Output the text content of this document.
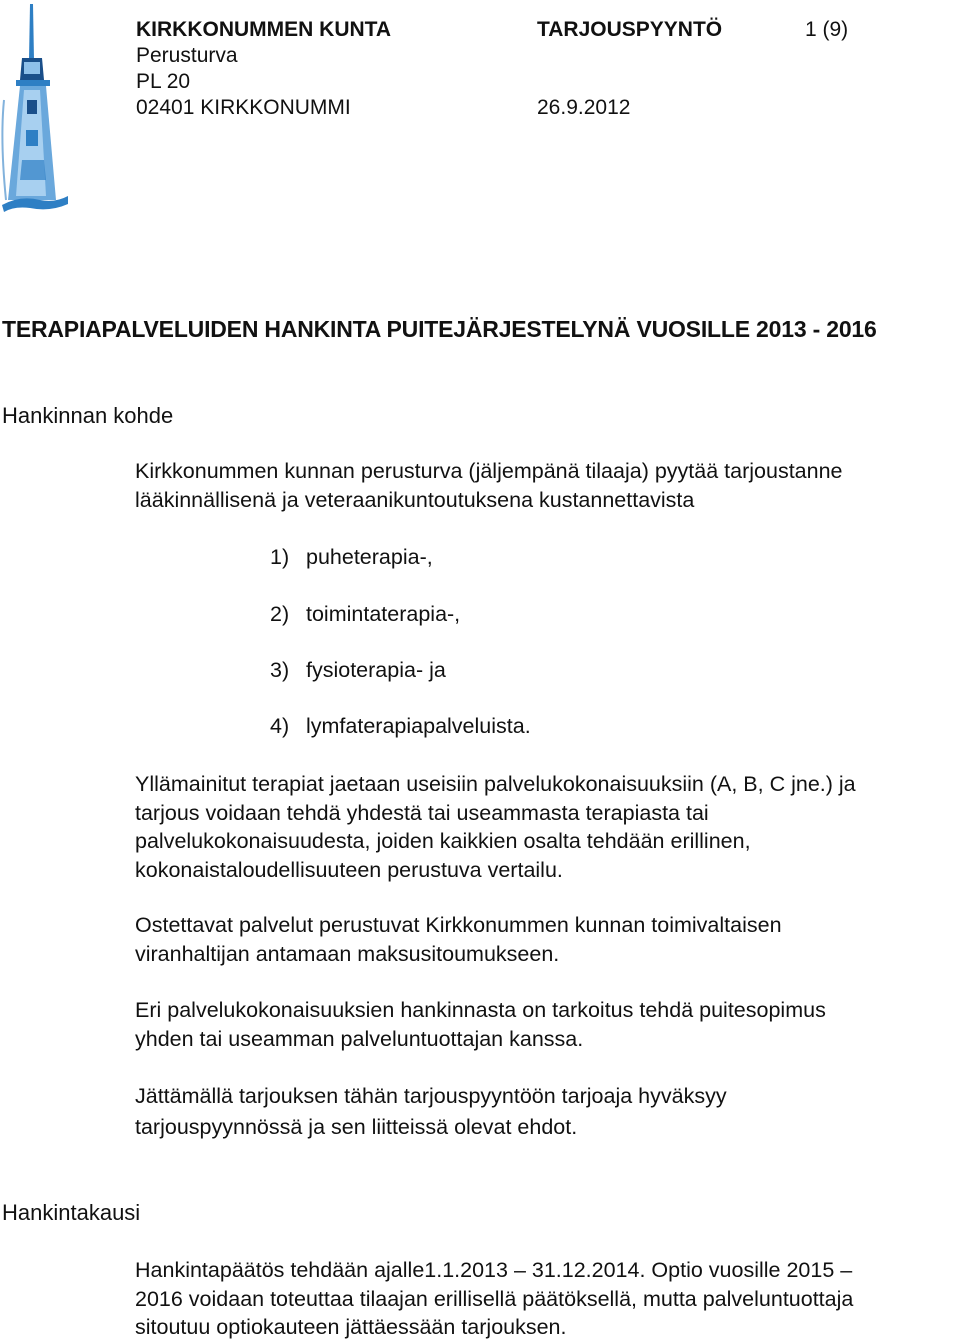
KIRKKONUMMEN KUNTA	TARJOUSPYYNTÖ	1 (9)
Perusturva
PL 20
02401 KIRKKONUMMI	26.9.2012
TERAPIAPALVELUIDEN HANKINTA PUITEJÄRJESTELYNÄ VUOSILLE 2013 - 2016
Hankinnan kohde

Kirkkonummen kunnan perusturva (jäljempänä tilaaja) pyytää tarjoustanne

lääkinnällisenä ja veteraanikuntoutuksena kustannettavista

1) puheterapia-,
2) toimintaterapia-,
3) fysioterapia- ja
4) lymfaterapiapalveluista.

Yllämainitut terapiat jaetaan useisiin palvelukokonaisuuksiin (A, B, C jne.) ja

tarjous voidaan tehdä yhdestä tai useammasta terapiasta tai

palvelukokonaisuudesta, joiden kaikkien osalta tehdään erillinen,

kokonaistaloudellisuuteen perustuva vertailu.

Ostettavat palvelut perustuvat Kirkkonummen kunnan toimivaltaisen

viranhaltijan antamaan maksusitoumukseen.

Eri palvelukokonaisuuksien hankinnasta on tarkoitus tehdä puitesopimus

yhden tai useamman palveluntuottajan kanssa.

Jättämällä tarjouksen tähän tarjouspyyntöön tarjoaja hyväksyy

tarjouspyynnössä ja sen liitteissä olevat ehdot.

Hankintakausi

Hankintapäätös tehdään ajalle1.1.2013 – 31.12.2014. Optio vuosille 2015 –

2016 voidaan toteuttaa tilaajan erillisellä päätöksellä, mutta palveluntuottaja

sitoutuu optiokauteen jättäessään tarjouksen.
